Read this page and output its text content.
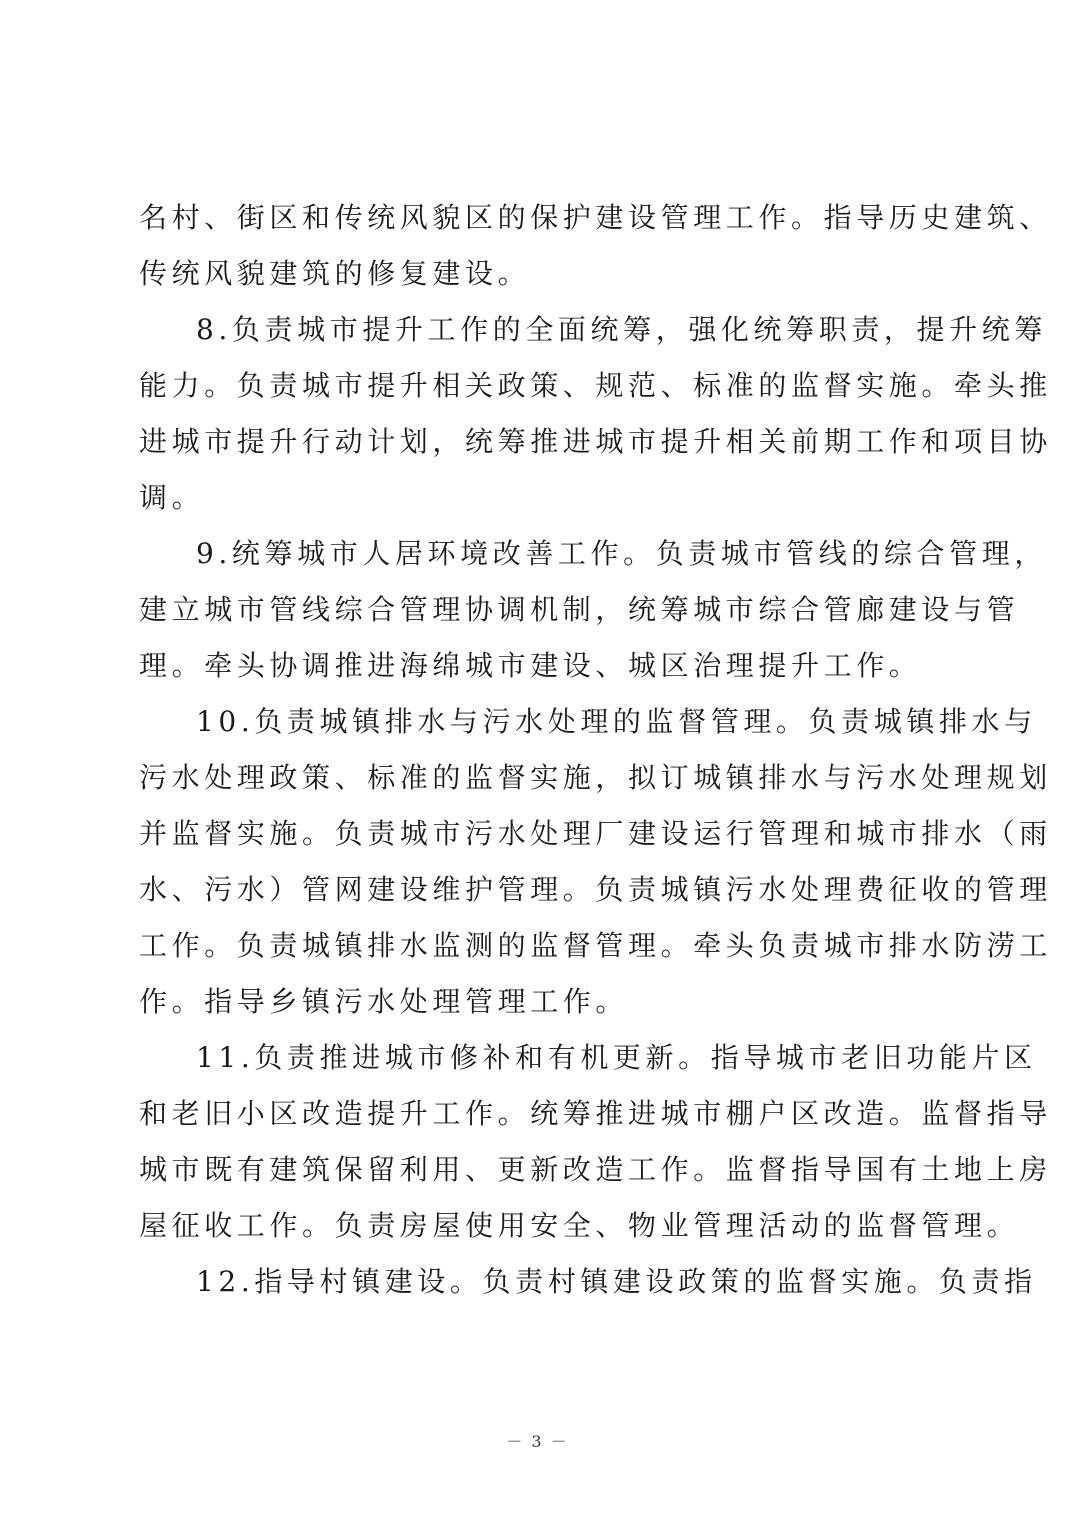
名村、街区和传统风貌区的保护建设管理工作。指导历史建筑、
传统风貌建筑的修复建设。
8.负责城市提升工作的全面统筹，强化统筹职责，提升统筹
能力。负责城市提升相关政策、规范、标准的监督实施。牵头推
进城市提升行动计划，统筹推进城市提升相关前期工作和项目协
调。
9.统筹城市人居环境改善工作。负责城市管线的综合管理，
建立城市管线综合管理协调机制，统筹城市综合管廊建设与管
理。牵头协调推进海绵城市建设、城区治理提升工作。
10.负责城镇排水与污水处理的监督管理。负责城镇排水与
污水处理政策、标准的监督实施，拟订城镇排水与污水处理规划
并监督实施。负责城市污水处理厂建设运行管理和城市排水（雨
水、污水）管网建设维护管理。负责城镇污水处理费征收的管理
工作。负责城镇排水监测的监督管理。牵头负责城市排水防涝工
作。指导乡镇污水处理管理工作。
11.负责推进城市修补和有机更新。指导城市老旧功能片区
和老旧小区改造提升工作。统筹推进城市棚户区改造。监督指导
城市既有建筑保留利用、更新改造工作。监督指导国有土地上房
屋征收工作。负责房屋使用安全、物业管理活动的监督管理。
12.指导村镇建设。负责村镇建设政策的监督实施。负责指
－ 3 －
